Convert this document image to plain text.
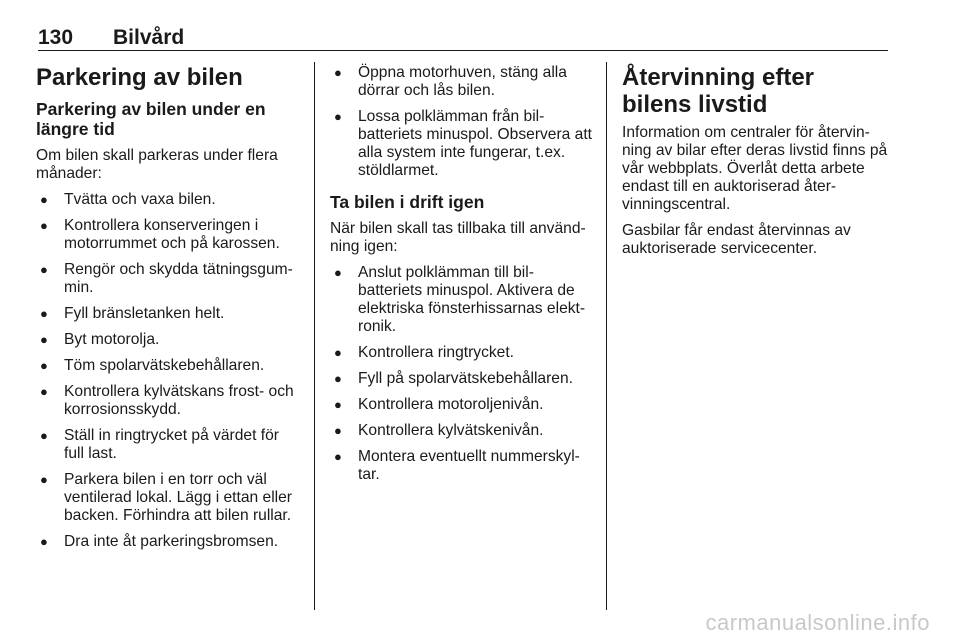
130 Bilvård
Parkering av bilen
Parkering av bilen under en längre tid

Om bilen skall parkeras under flera månader:

● Tvätta och vaxa bilen.
● Kontrollera konserveringen i motorrummet och på karossen.
● Rengör och skydda tätningsgummin.
● Fyll bränsletanken helt.
● Byt motorolja.
● Töm spolarvätskebehållaren.
● Kontrollera kylvätskans frost- och korrosionsskydd.
● Ställ in ringtrycket på värdet för full last.
● Parkera bilen i en torr och väl ventilerad lokal. Lägg i ettan eller backen. Förhindra att bilen rullar.
● Dra inte åt parkeringsbromsen.
● Öppna motorhuven, stäng alla dörrar och lås bilen.
● Lossa polklämman från bilbatteriets minuspol. Observera att alla system inte fungerar, t.ex. stöldlarmet.
Ta bilen i drift igen

När bilen skall tas tillbaka till användning igen:

● Anslut polklämman till bilbatteriets minuspol. Aktivera de elektriska fönsterhissarnas elektronik.
● Kontrollera ringtrycket.
● Fyll på spolarvätskebehållaren.
● Kontrollera motoroljenivån.
● Kontrollera kylvätskenivån.
● Montera eventuellt nummerskyltar.
Återvinning efter bilens livstid

Information om centraler för återvinning av bilar efter deras livstid finns på vår webbplats. Överlåt detta arbete endast till en auktoriserad återvinningscentral.

Gasbilar får endast återvinnas av auktoriserade servicecenter.

carmanualsonline.info
